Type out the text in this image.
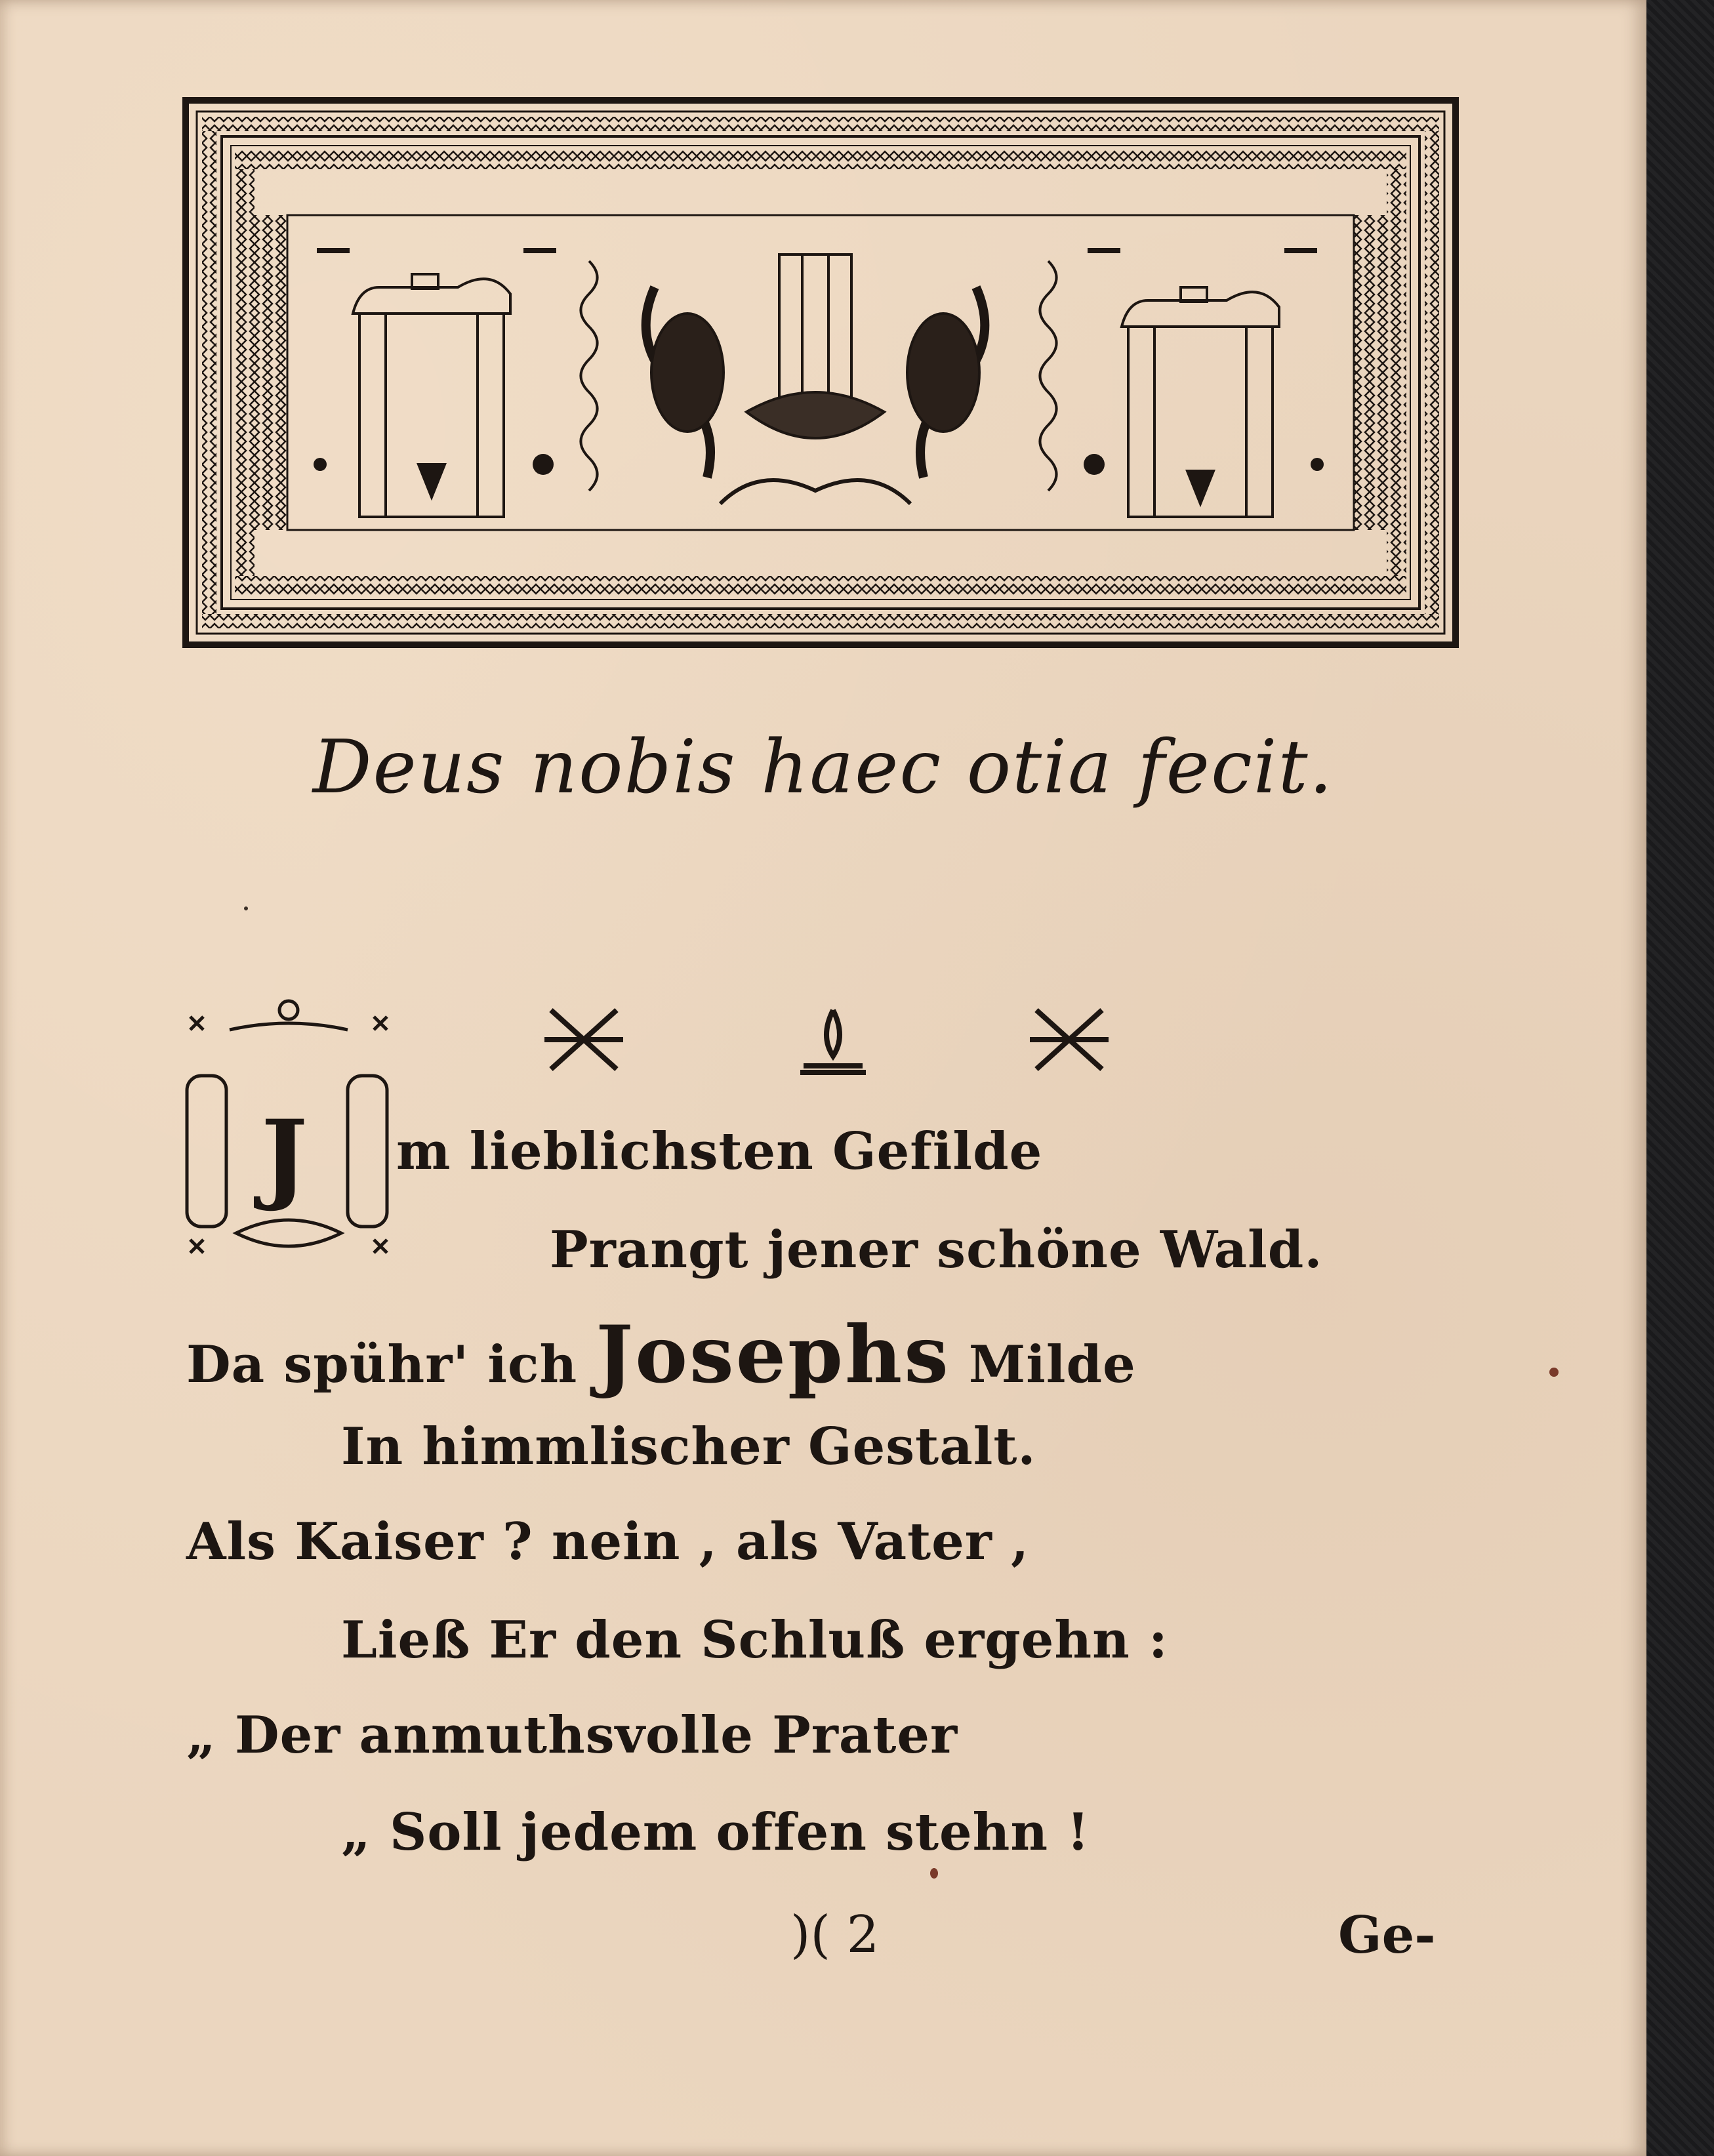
Deus nobis haec otia fecit.
J m lieblichsten Gefilde
Prangt jener schöne Wald.
Da spühr' ich Josephs Milde
In himmlischer Gestalt.
Als Kaiser ? nein , als Vater ,
Ließ Er den Schluß ergehn :
„ Der anmuthsvolle Prater
„ Soll jedem offen stehn !
)( 2	Ge-
